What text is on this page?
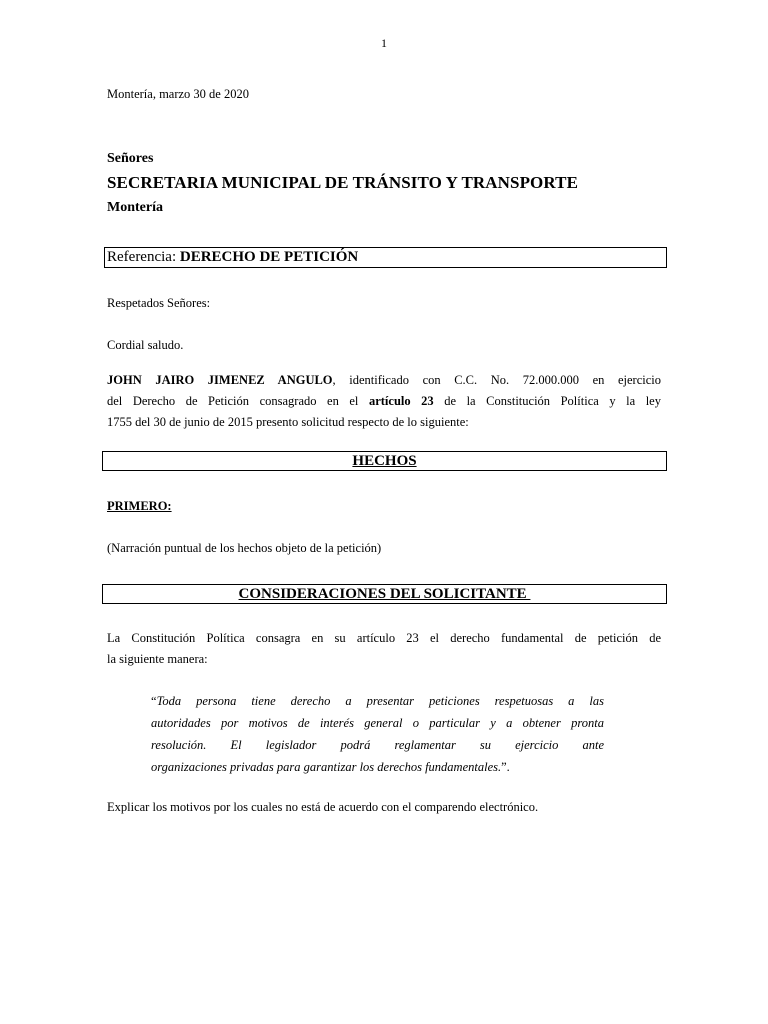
1
Montería, marzo 30 de 2020
Señores
SECRETARIA MUNICIPAL DE TRÁNSITO Y TRANSPORTE
Montería
Referencia: DERECHO DE PETICIÓN
Respetados Señores:
Cordial saludo.
JOHN JAIRO JIMENEZ ANGULO, identificado con C.C. No. 72.000.000 en ejercicio
del Derecho de Petición consagrado en el artículo 23 de la Constitución Política y la ley
1755 del 30 de junio de 2015 presento solicitud respecto de lo siguiente:
HECHOS
PRIMERO:
(Narración puntual de los hechos objeto de la petición)
CONSIDERACIONES DEL SOLICITANTE
La Constitución Política consagra en su artículo 23 el derecho fundamental de petición de
la siguiente manera:
“Toda persona tiene derecho a presentar peticiones respetuosas a las
autoridades por motivos de interés general o particular y a obtener pronta
resolución. El legislador podrá reglamentar su ejercicio ante
organizaciones privadas para garantizar los derechos fundamentales.”.
Explicar los motivos por los cuales no está de acuerdo con el comparendo electrónico.
